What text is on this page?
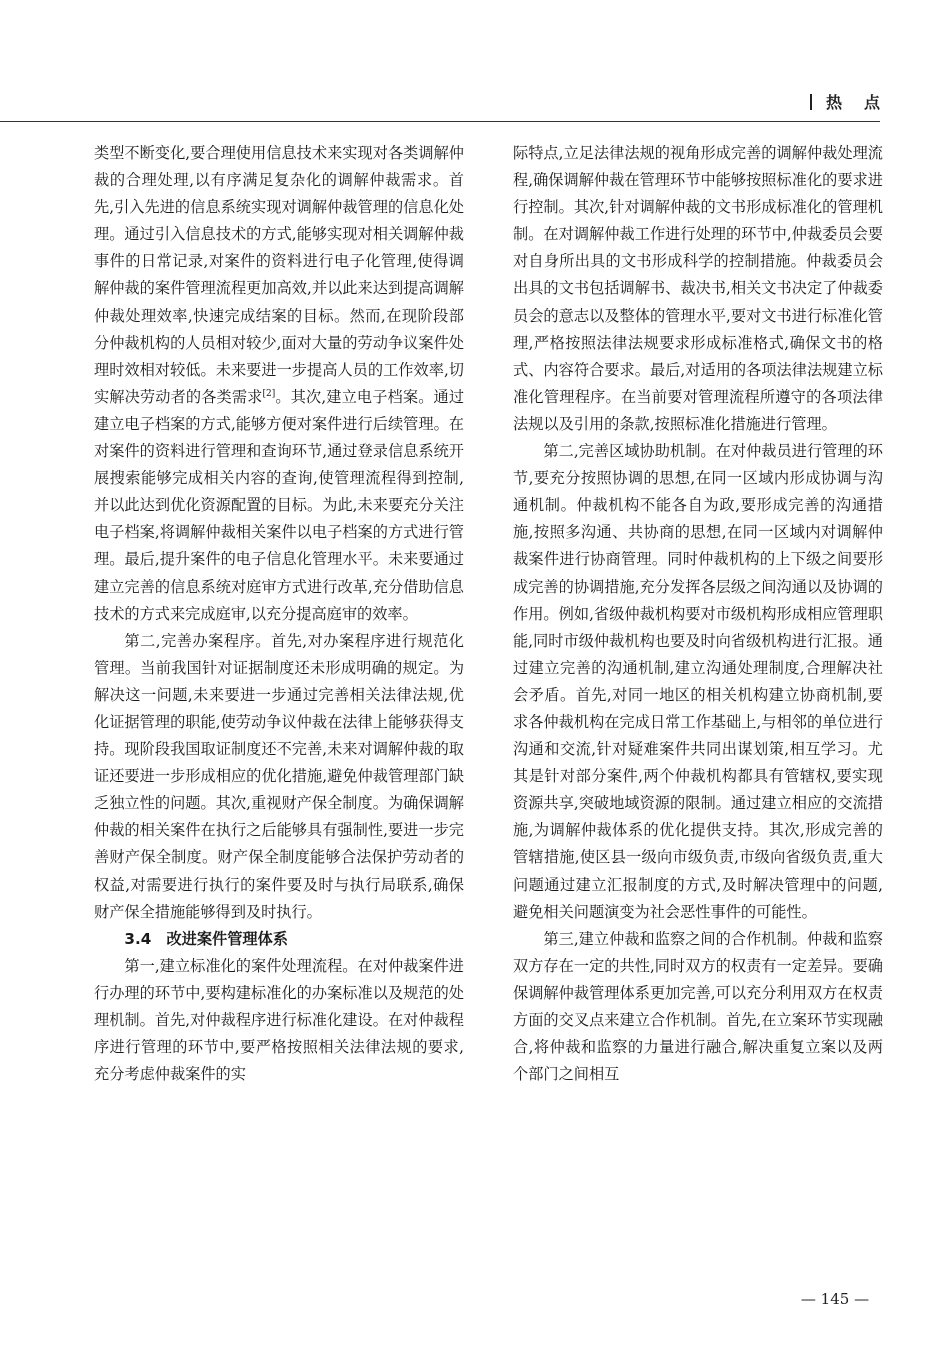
热点

类型不断变化,要合理使用信息技术来实现对各类调解仲裁的合理处理,以有序满足复杂化的调解仲裁需求。首先,引入先进的信息系统实现对调解仲裁管理的信息化处理。通过引入信息技术的方式,能够实现对相关调解仲裁事件的日常记录,对案件的资料进行电子化管理,使得调解仲裁的案件管理流程更加高效,并以此来达到提高调解仲裁处理效率,快速完成结案的目标。然而,在现阶段部分仲裁机构的人员相对较少,面对大量的劳动争议案件处理时效相对较低。未来要进一步提高人员的工作效率,切实解决劳动者的各类需求[2]。其次,建立电子档案。通过建立电子档案的方式,能够方便对案件进行后续管理。在对案件的资料进行管理和查询环节,通过登录信息系统开展搜索能够完成相关内容的查询,使管理流程得到控制,并以此达到优化资源配置的目标。为此,未来要充分关注电子档案,将调解仲裁相关案件以电子档案的方式进行管理。最后,提升案件的电子信息化管理水平。未来要通过建立完善的信息系统对庭审方式进行改革,充分借助信息技术的方式来完成庭审,以充分提高庭审的效率。

第二,完善办案程序。首先,对办案程序进行规范化管理。当前我国针对证据制度还未形成明确的规定。为解决这一问题,未来要进一步通过完善相关法律法规,优化证据管理的职能,使劳动争议仲裁在法律上能够获得支持。现阶段我国取证制度还不完善,未来对调解仲裁的取证还要进一步形成相应的优化措施,避免仲裁管理部门缺乏独立性的问题。其次,重视财产保全制度。为确保调解仲裁的相关案件在执行之后能够具有强制性,要进一步完善财产保全制度。财产保全制度能够合法保护劳动者的权益,对需要进行执行的案件要及时与执行局联系,确保财产保全措施能够得到及时执行。

3.4 改进案件管理体系

第一,建立标准化的案件处理流程。在对仲裁案件进行办理的环节中,要构建标准化的办案标准以及规范的处理机制。首先,对仲裁程序进行标准化建设。在对仲裁程序进行管理的环节中,要严格按照相关法律法规的要求,充分考虑仲裁案件的实

际特点,立足法律法规的视角形成完善的调解仲裁处理流程,确保调解仲裁在管理环节中能够按照标准化的要求进行控制。其次,针对调解仲裁的文书形成标准化的管理机制。在对调解仲裁工作进行处理的环节中,仲裁委员会要对自身所出具的文书形成科学的控制措施。仲裁委员会出具的文书包括调解书、裁决书,相关文书决定了仲裁委员会的意志以及整体的管理水平,要对文书进行标准化管理,严格按照法律法规要求形成标准格式,确保文书的格式、内容符合要求。最后,对适用的各项法律法规建立标准化管理程序。在当前要对管理流程所遵守的各项法律法规以及引用的条款,按照标准化措施进行管理。

第二,完善区域协助机制。在对仲裁员进行管理的环节,要充分按照协调的思想,在同一区域内形成协调与沟通机制。仲裁机构不能各自为政,要形成完善的沟通措施,按照多沟通、共协商的思想,在同一区域内对调解仲裁案件进行协商管理。同时仲裁机构的上下级之间要形成完善的协调措施,充分发挥各层级之间沟通以及协调的作用。例如,省级仲裁机构要对市级机构形成相应管理职能,同时市级仲裁机构也要及时向省级机构进行汇报。通过建立完善的沟通机制,建立沟通处理制度,合理解决社会矛盾。首先,对同一地区的相关机构建立协商机制,要求各仲裁机构在完成日常工作基础上,与相邻的单位进行沟通和交流,针对疑难案件共同出谋划策,相互学习。尤其是针对部分案件,两个仲裁机构都具有管辖权,要实现资源共享,突破地域资源的限制。通过建立相应的交流措施,为调解仲裁体系的优化提供支持。其次,形成完善的管辖措施,使区县一级向市级负责,市级向省级负责,重大问题通过建立汇报制度的方式,及时解决管理中的问题,避免相关问题演变为社会恶性事件的可能性。

第三,建立仲裁和监察之间的合作机制。仲裁和监察双方存在一定的共性,同时双方的权责有一定差异。要确保调解仲裁管理体系更加完善,可以充分利用双方在权责方面的交叉点来建立合作机制。首先,在立案环节实现融合,将仲裁和监察的力量进行融合,解决重复立案以及两个部门之间相互

— 145 —
